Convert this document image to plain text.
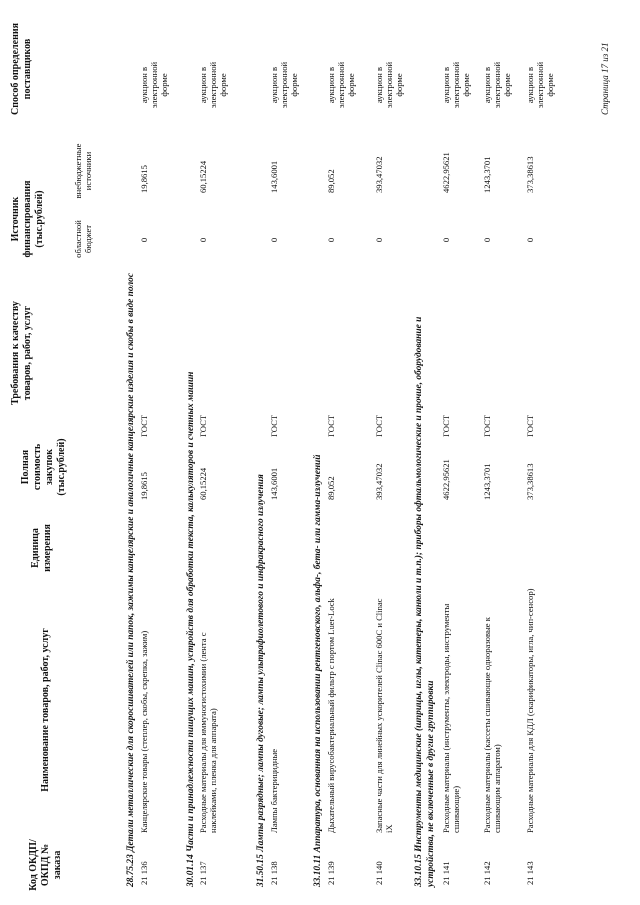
Код ОКДП/ ОКПД № заказа
Наименование товаров, работ, услуг
Единица измерения
Полная стоимость закупок (тыс.рублей)
Требования к качеству товаров, работ, услуг
Источник финансирования (тыс.рублей)	областной бюджет
внебюджетные источники
Способ определения поставщиков
28.75.23 Детали металлические для скоросшивателей или папок, зажимы канцелярские и аналогичные канцелярские изделия и скобы в виде полос
21 136
Канцелярские товары (степлер, скобы, скрепка, зажим)
19,8615
ГОСТ
0
19,8615
аукцион в электронной форме
30.01.14 Части и принадлежности пишущих машин, устройств для обработки текста, калькуляторов и счетных машин
21 137
Расходные материалы для иммуногистохимии (лента с наклейками, пленка для аппарата)
60,15224
ГОСТ
0
60,15224
аукцион в электронной форме
31.50.15 Лампы разрядные; лампы дуговые; лампы ультрафиолетового и инфракрасного излучения
21 138
Лампы бактерицидные
143,6001
ГОСТ
0
143,6001
аукцион в электронной форме
33.10.11 Аппаратура, основанная на использовании рентгеновского, альфа-, бета- или гамма-излучений
21 139
Дыхательный вирусобактериальный фильтр с портом Luer-Lock
89,052
ГОСТ
0
89,052
аукцион в электронной форме
21 140
Запасные части для линейных ускорителей Clinac 600C и Clinac iX
393,47032
ГОСТ
0
393,47032
аукцион в электронной форме
33.10.15 Инструменты медицинские (шприцы, иглы, катетеры, канюли и т.п.); приборы офтальмологические и прочие, оборудование и устройства, не включенные в другие группировки 21 141
Расходные материалы (инструменты, электроды, инструменты сшивающие)
4622,95621
ГОСТ
0
4622,95621
аукцион в электронной форме
21 142
Расходные материалы (кассеты сшивающие одноразовые к сшивающим аппаратом)
1243,3701
ГОСТ
0
1243,3701
аукцион в электронной форме
21 143
Расходные материалы для КДЛ (скарификаторы, игла, чип-сенсор)
373,38613
ГОСТ
0
373,38613
аукцион в электронной форме	Страница 17 из 21
